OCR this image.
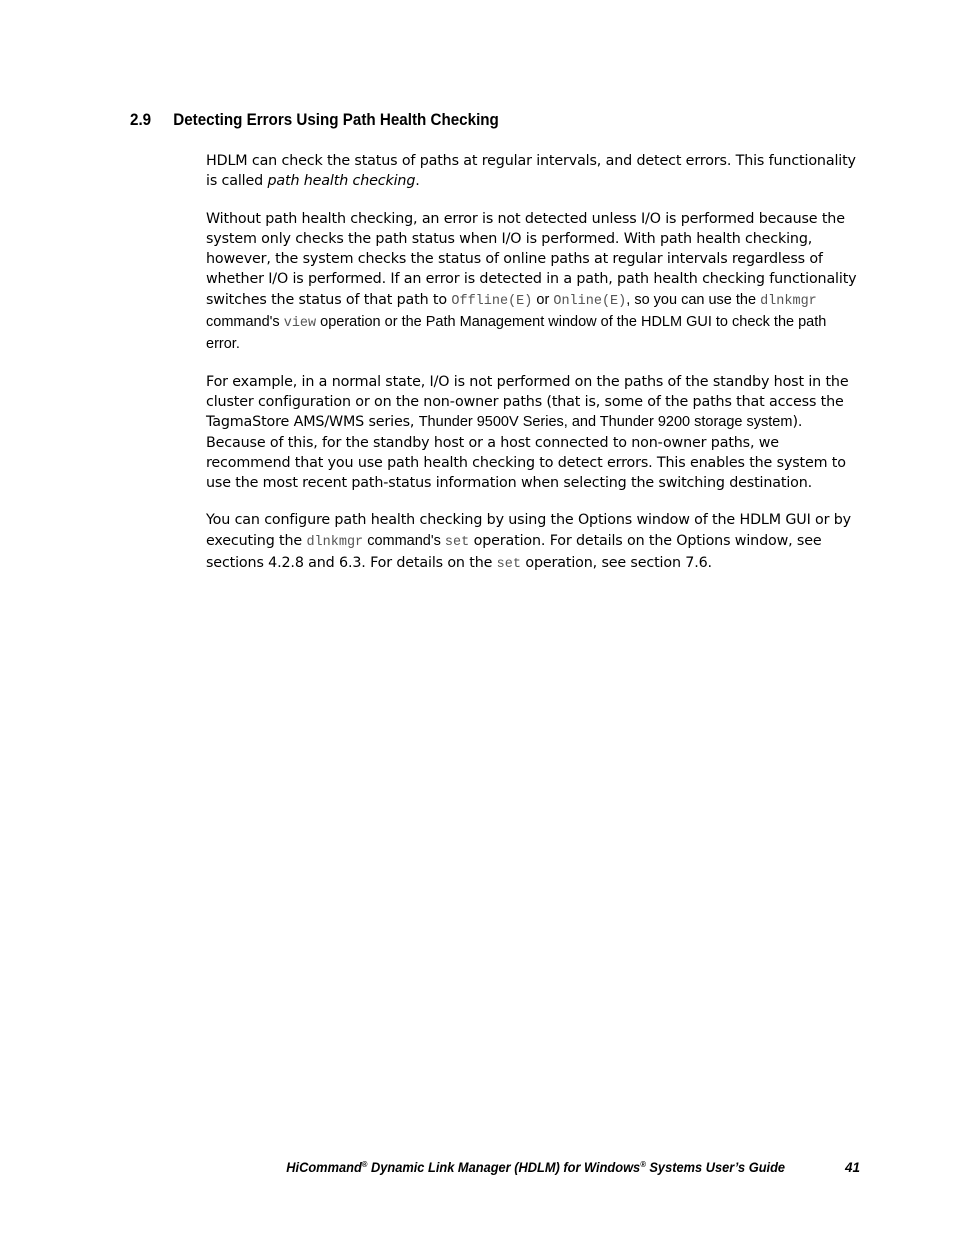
2.9 Detecting Errors Using Path Health Checking

HDLM can check the status of paths at regular intervals, and detect errors. This functionality is called path health checking.

Without path health checking, an error is not detected unless I/O is performed because the system only checks the path status when I/O is performed. With path health checking, however, the system checks the status of online paths at regular intervals regardless of whether I/O is performed. If an error is detected in a path, path health checking functionality switches the status of that path to Offline(E) or Online(E), so you can use the dlnkmgr command's view operation or the Path Management window of the HDLM GUI to check the path error.

For example, in a normal state, I/O is not performed on the paths of the standby host in the cluster configuration or on the non-owner paths (that is, some of the paths that access the TagmaStore AMS/WMS series, Thunder 9500V Series, and Thunder 9200 storage system). Because of this, for the standby host or a host connected to non-owner paths, we recommend that you use path health checking to detect errors. This enables the system to use the most recent path-status information when selecting the switching destination.

You can configure path health checking by using the Options window of the HDLM GUI or by executing the dlnkmgr command's set operation. For details on the Options window, see sections 4.2.8 and 6.3. For details on the set operation, see section 7.6.

HiCommand® Dynamic Link Manager (HDLM) for Windows® Systems User’s Guide	41
